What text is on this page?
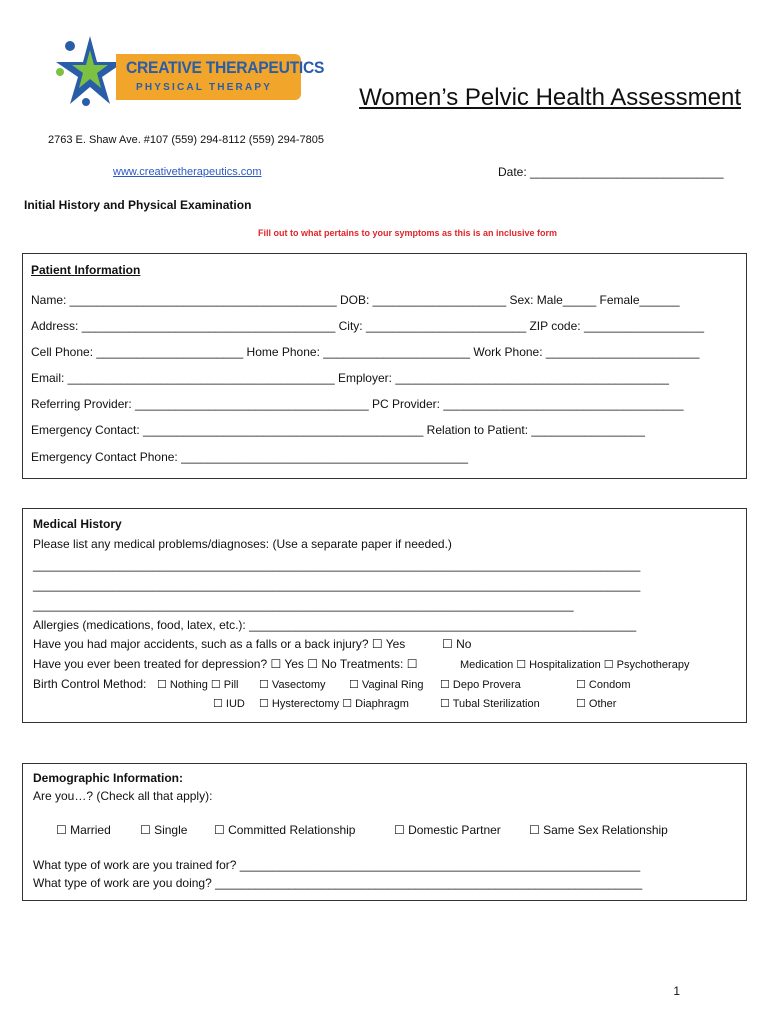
CREATIVE THERAPEUTICS
PHYSICAL THERAPY	Women’s Pelvic Health Assessment
2763 E. Shaw Ave. #107 (559) 294-8112 (559) 294-7805
www.creativetherapeutics.com	Date: _____________________________
Initial History and Physical Examination
Fill out to what pertains to your symptoms as this is an inclusive form
Patient Information
Name: ________________________________________ DOB: ____________________ Sex: Male_____ Female______
Address: ______________________________________ City: ________________________ ZIP code: __________________
Cell Phone: ______________________ Home Phone: ______________________ Work Phone: _______________________
Email: ________________________________________ Employer: _________________________________________
Referring Provider: ___________________________________ PC Provider: ____________________________________
Emergency Contact: __________________________________________ Relation to Patient: _________________
Emergency Contact Phone: ___________________________________________
Medical History
Please list any medical problems/diagnoses: (Use a separate paper if needed.)
___________________________________________________________________________________________
___________________________________________________________________________________________
_________________________________________________________________________________
Allergies (medications, food, latex, etc.): __________________________________________________________
Have you had major accidents, such as a falls or a back injury? ☐ Yes	☐ No
Have you ever been treated for depression? ☐ Yes ☐ No Treatments: ☐	Medication ☐ Hospitalization ☐ Psychotherapy
Birth Control Method: ☐ Nothing ☐ Pill ☐ Vasectomy ☐ Vaginal Ring ☐ Depo Provera	☐ Condom
☐ IUD ☐ Hysterectomy ☐ Diaphragm	☐ Tubal Sterilization	☐ Other
Demographic Information:
Are you…? (Check all that apply):
☐ Married ☐ Single ☐ Committed Relationship	☐ Domestic Partner ☐ Same Sex Relationship
What type of work are you trained for? ____________________________________________________________
What type of work are you doing? ________________________________________________________________
1
